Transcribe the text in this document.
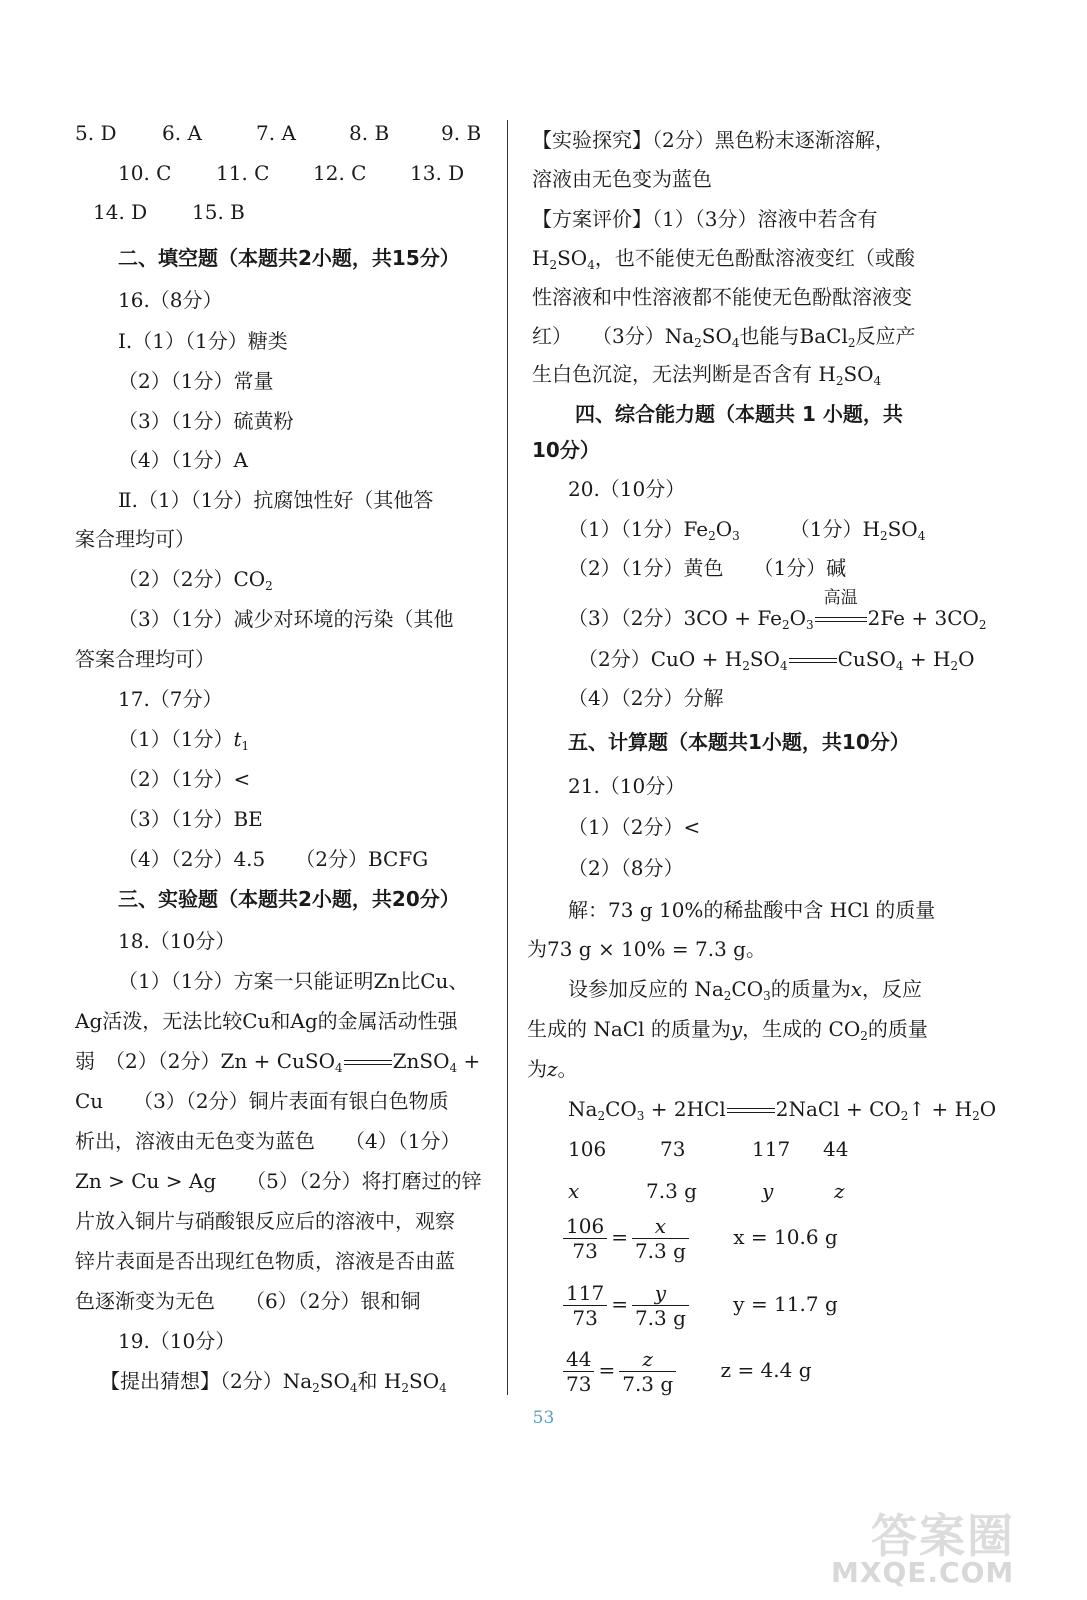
5. D 6. A	7. A	8. B	9. B
10. C 11. C 12. C 13. D
14. D 15. B
二、填空题（本题共2小题，共15分）
16.（8分）
Ⅰ.（1）（1分）糖类
（2）（1分）常量
（3）（1分）硫黄粉
（4）（1分）A
Ⅱ.（1）（1分）抗腐蚀性好（其他答
案合理均可）
（2）（2分）$CO_2$
（3）（1分）减少对环境的污染（其他
答案合理均可）
17.（7分）
（1）（1分）$t_1$
（2）（1分）<
（3）（1分）BE
（4）（2分）4.5　　（2分）BCFG
三、实验题（本题共2小题，共20分）
18.（10分）
（1）（1分）方案一只能证明Zn比Cu、
Ag活泼，无法比较Cu和Ag的金属活动性强
弱　（2）（2分）Zn + CuSO$_4$	ZnSO$_4$ +
Cu　　（3）（2分）铜片表面有银白色物质
析出，溶液由无色变为蓝色　　（4）（1分）
Zn > Cu > Ag　　（5）（2分）将打磨过的锌
片放入铜片与硝酸银反应后的溶液中，观察
锌片表面是否出现红色物质，溶液是否由蓝
色逐渐变为无色　　（6）（2分）银和铜
19.（10分）
【提出猜想】（2分）$Na_2SO_4$和 $H_2SO_4$
【实验探究】（2分）黑色粉末逐渐溶解，
溶液由无色变为蓝色
【方案评价】（1）（3分）溶液中若含有
$H_2SO_4$，也不能使无色酚酞溶液变红（或酸
性溶液和中性溶液都不能使无色酚酞溶液变
红）　　（3分）$Na_2SO_4$也能与BaCl$_2$反应产
生白色沉淀，无法判断是否含有 $H_2SO_4$
四、综合能力题（本题共 1 小题，共
10分）
20.（10分）
（1）（1分）$Fe_2O_3$　　　	（1分）$H_2SO_4$
（2）（1分）黄色　　（1分）碱
（3）（2分）$3CO + Fe_2O_3$
高温
$2Fe + 3CO_2$
（2分）$CuO + H_2SO_4$	CuSO$_4$ + $H_2O$
（4）（2分）分解
五、计算题（本题共1小题，共10分）
21.（10分）
（1）（2分）<
（2）（8分）
解：73 g 10%的稀盐酸中含 HCl 的质量
为73 g × 10% = 7.3 g。
设参加反应的 $Na_2CO_3$的质量为x，反应
生成的 NaCl 的质量为y，生成的 $CO_2$的质量
为z。
$Na_2CO_3 + 2HCl$	2NaCl + $CO_2↑ + H_2O$
106	73	117 44
x	7.3 g	y	z
$\frac{106}{73} = \frac{x}{7.3 g}$ x = 10.6 g
$\frac{117}{73} = \frac{y}{7.3 g}$ y = 11.7 g
$\frac{44}{73} = \frac{z}{7.3 g}$ z = 4.4 g
53
答案圈
MXQE.COM
